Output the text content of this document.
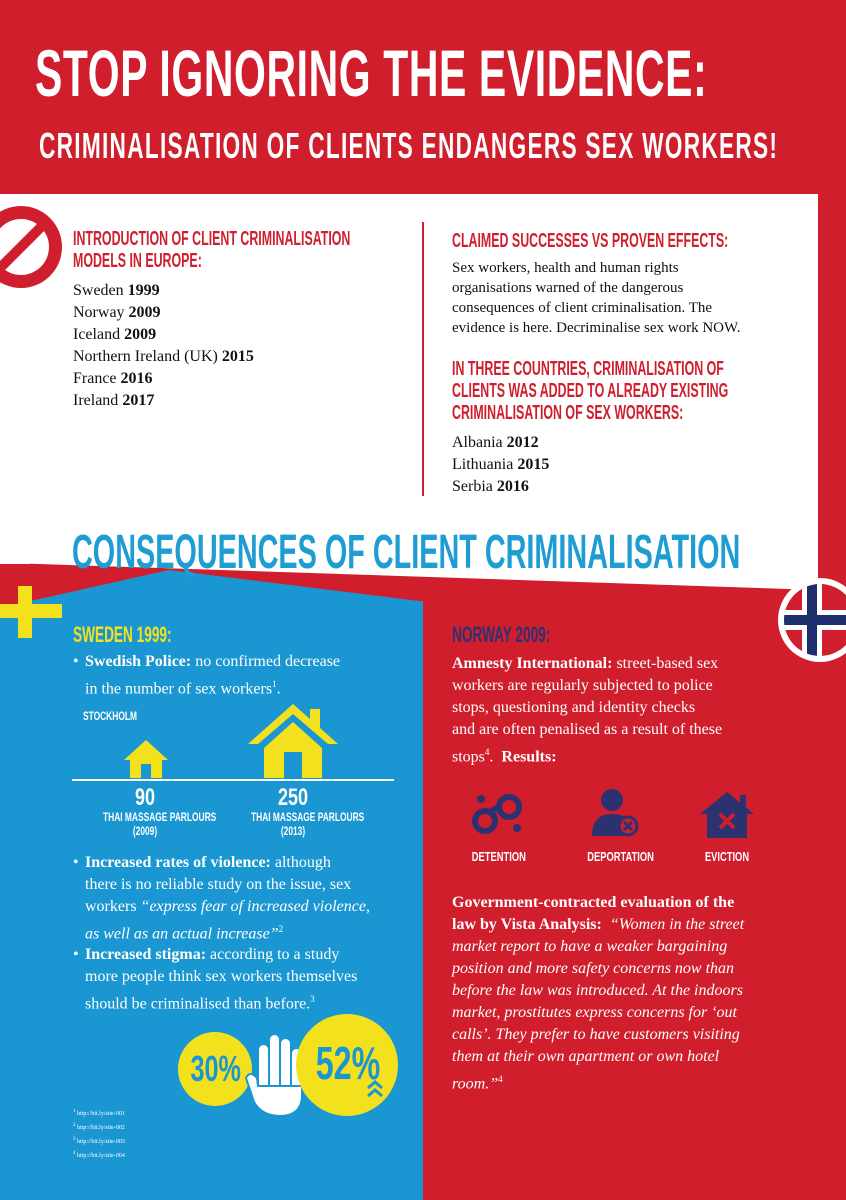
STOP IGNORING THE EVIDENCE:
CRIMINALISATION OF CLIENTS ENDANGERS SEX WORKERS!
INTRODUCTION OF CLIENT CRIMINALISATION
MODELS IN EUROPE:
Sweden 1999
Norway 2009
Iceland 2009
Northern Ireland (UK) 2015
France 2016
Ireland 2017
CLAIMED SUCCESSES VS PROVEN EFFECTS:
Sex workers, health and human rights
organisations warned of the dangerous
consequences of client criminalisation. The
evidence is here. Decriminalise sex work NOW.
IN THREE COUNTRIES, CRIMINALISATION OF
CLIENTS WAS ADDED TO ALREADY EXISTING
CRIMINALISATION OF SEX WORKERS:
Albania 2012
Lithuania 2015
Serbia 2016
CONSEQUENCES OF CLIENT CRIMINALISATION
SWEDEN 1999:
• Swedish Police: no confirmed decrease
in the number of sex workers$^1$.
STOCKHOLM
90
THAI MASSAGE PARLOURS
(2009)
250
THAI MASSAGE PARLOURS
(2013)
• Increased rates of violence: although
there is no reliable study on the issue, sex
workers “express fear of increased violence,
as well as an actual increase”$^2$
• Increased stigma: according to a study
more people think sex workers themselves
should be criminalised than before.$^3$
30% 52%
$^1$ http://bit.ly/site-001
$^2$ http://bit.ly/site-002
$^3$ http://bit.ly/site-003
$^4$ http://bit.ly/site-004
NORWAY 2009:
Amnesty International: street-based sex
workers are regularly subjected to police
stops, questioning and identity checks
and are often penalised as a result of these
stops$^4$. Results:
DETENTION	DEPORTATION	EVICTION
Government-contracted evaluation of the
law by Vista Analysis: “Women in the street
market report to have a weaker bargaining
position and more safety concerns now than
before the law was introduced. At the indoors
market, prostitutes express concerns for ‘out
calls’. They prefer to have customers visiting
them at their own apartment or own hotel
room.”$^4$
